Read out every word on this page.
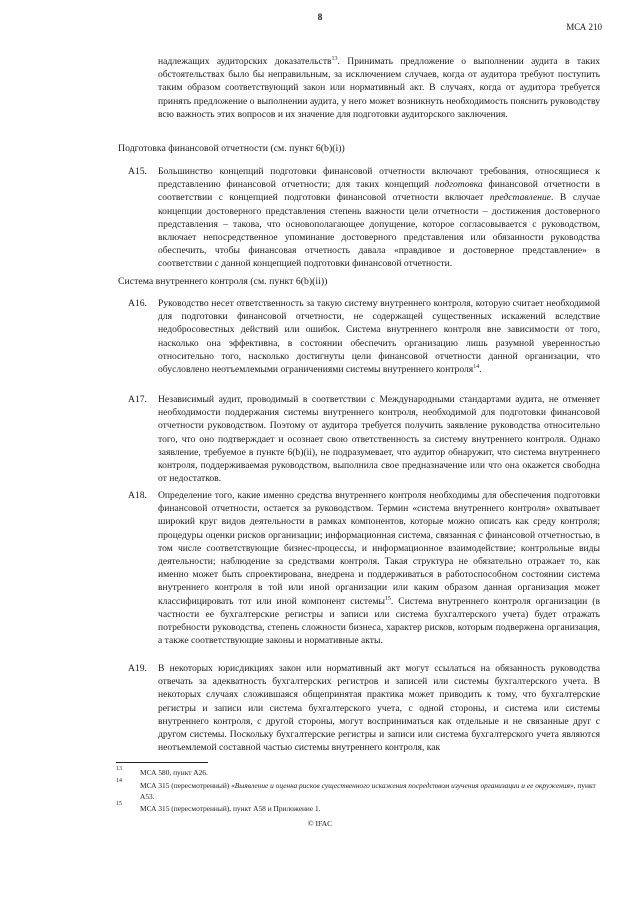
8
МСА 210

надлежащих аудиторских доказательств$^{13}$. Принимать предложение о выполнении аудита в таких обстоятельствах было бы неправильным, за исключением случаев, когда от аудитора требуют поступить таким образом соответствующий закон или нормативный акт. В случаях, когда от аудитора требуется принять предложение о выполнении аудита, у него может возникнуть необходимость пояснить руководству всю важность этих вопросов и их значение для подготовки аудиторского заключения.

Подготовка финансовой отчетности (см. пункт 6(b)(i))
A15. Большинство концепций подготовки финансовой отчетности включают требования, относящиеся к представлению финансовой отчетности; для таких концепций подготовка финансовой отчетности в соответствии с концепцией подготовки финансовой отчетности включает представление. В случае концепции достоверного представления степень важности цели отчетности – достижения достоверного представления – такова, что основополагающее допущение, которое согласовывается с руководством, включает непосредственное упоминание достоверного представления или обязанности руководства обеспечить, чтобы финансовая отчетность давала «правдивое и достоверное представление» в соответствии с данной концепцией подготовки финансовой отчетности.

Система внутреннего контроля (см. пункт 6(b)(ii))
A16. Руководство несет ответственность за такую систему внутреннего контроля, которую считает необходимой для подготовки финансовой отчетности, не содержащей существенных искажений вследствие недобросовестных действий или ошибок. Система внутреннего контроля вне зависимости от того, насколько она эффективна, в состоянии обеспечить организацию лишь разумной уверенностью относительно того, насколько достигнуты цели финансовой отчетности данной организации, что обусловлено неотъемлемыми ограничениями системы внутреннего контроля$^{14}$.

A17. Независимый аудит, проводимый в соответствии с Международными стандартами аудита, не отменяет необходимости поддержания системы внутреннего контроля, необходимой для подготовки финансовой отчетности руководством. Поэтому от аудитора требуется получить заявление руководства относительно того, что оно подтверждает и осознает свою ответственность за систему внутреннего контроля. Однако заявление, требуемое в пункте 6(b)(ii), не подразумевает, что аудитор обнаружит, что система внутреннего контроля, поддерживаемая руководством, выполнила свое предназначение или что она окажется свободна от недостатков.

A18. Определение того, какие именно средства внутреннего контроля необходимы для обеспечения подготовки финансовой отчетности, остается за руководством. Термин «система внутреннего контроля» охватывает широкий круг видов деятельности в рамках компонентов, которые можно описать как среду контроля; процедуры оценки рисков организации; информационная система, связанная с финансовой отчетностью, в том числе соответствующие бизнес-процессы, и информационное взаимодействие; контрольные виды деятельности; наблюдение за средствами контроля. Такая структура не обязательно отражает то, как именно может быть спроектирована, внедрена и поддерживаться в работоспособном состоянии система внутреннего контроля в той или иной организации или каким образом данная организация может классифицировать тот или иной компонент системы$^{15}$. Система внутреннего контроля организации (в частности ее бухгалтерские регистры и записи или система бухгалтерского учета) будет отражать потребности руководства, степень сложности бизнеса, характер рисков, которым подвержена организация, а также соответствующие законы и нормативные акты.

A19. В некоторых юрисдикциях закон или нормативный акт могут ссылаться на обязанность руководства отвечать за адекватность бухгалтерских регистров и записей или системы бухгалтерского учета. В некоторых случаях сложившаяся общепринятая практика может приводить к тому, что бухгалтерские регистры и записи или система бухгалтерского учета, с одной стороны, и система или системы внутреннего контроля, с другой стороны, могут восприниматься как отдельные и не связанные друг с другом системы. Поскольку бухгалтерские регистры и записи или система бухгалтерского учета являются неотъемлемой составной частью системы внутреннего контроля, как

13 МСА 580, пункт A26.
14 МСА 315 (пересмотренный) «Выявление и оценка рисков существенного искажения посредством изучения организации и ее окружения», пункт A53.
15 МСА 315 (пересмотренный), пункт A58 и Приложение 1.
© IFAC
